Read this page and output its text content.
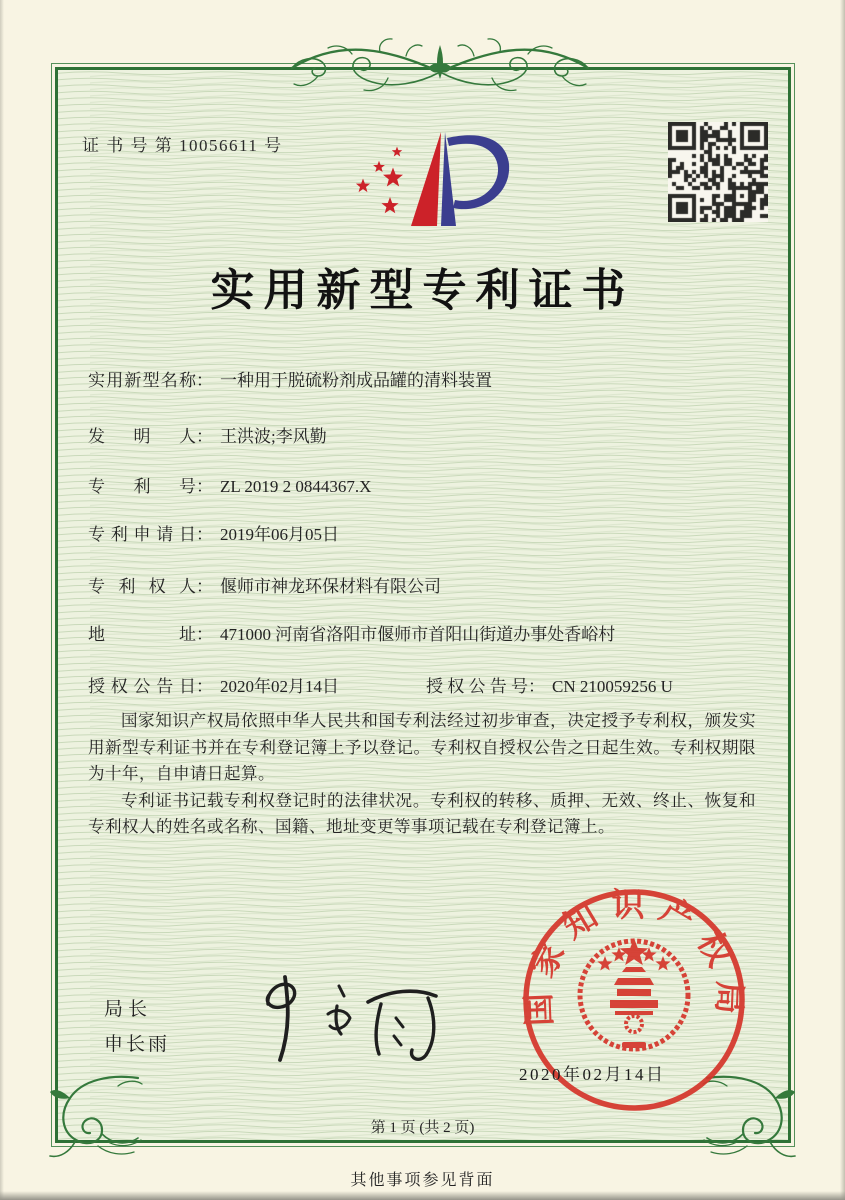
证 书 号 第 10056611 号
实用新型专利证书
实 用 新 型 名 称 ： 一种用于脱硫粉剂成品罐的清料装置
发 明 人 ： 王洪波;李风勤
专 利 号 ： ZL 2019 2 0844367.X
专 利 申 请 日 ： 2019年06月05日
专 利 权 人 ： 偃师市神龙环保材料有限公司
地	址 ： 471000 河南省洛阳市偃师市首阳山街道办事处香峪村
授 权 公 告 日 ： 2020年02月14日	授 权 公 告 号 ： CN 210059256 U

国家知识产权局依照中华人民共和国专利法经过初步审查，决定授予专利权，颁发实用新型专利证书并在专利登记簿上予以登记。专利权自授权公告之日起生效。专利权期限为十年，自申请日起算。

专利证书记载专利权登记时的法律状况。专利权的转移、质押、无效、终止、恢复和专利权人的姓名或名称、国籍、地址变更等事项记载在专利登记簿上。

局长
申长雨
国家知识产权局
2020年02月14日
第 1 页 (共 2 页)
其他事项参见背面
